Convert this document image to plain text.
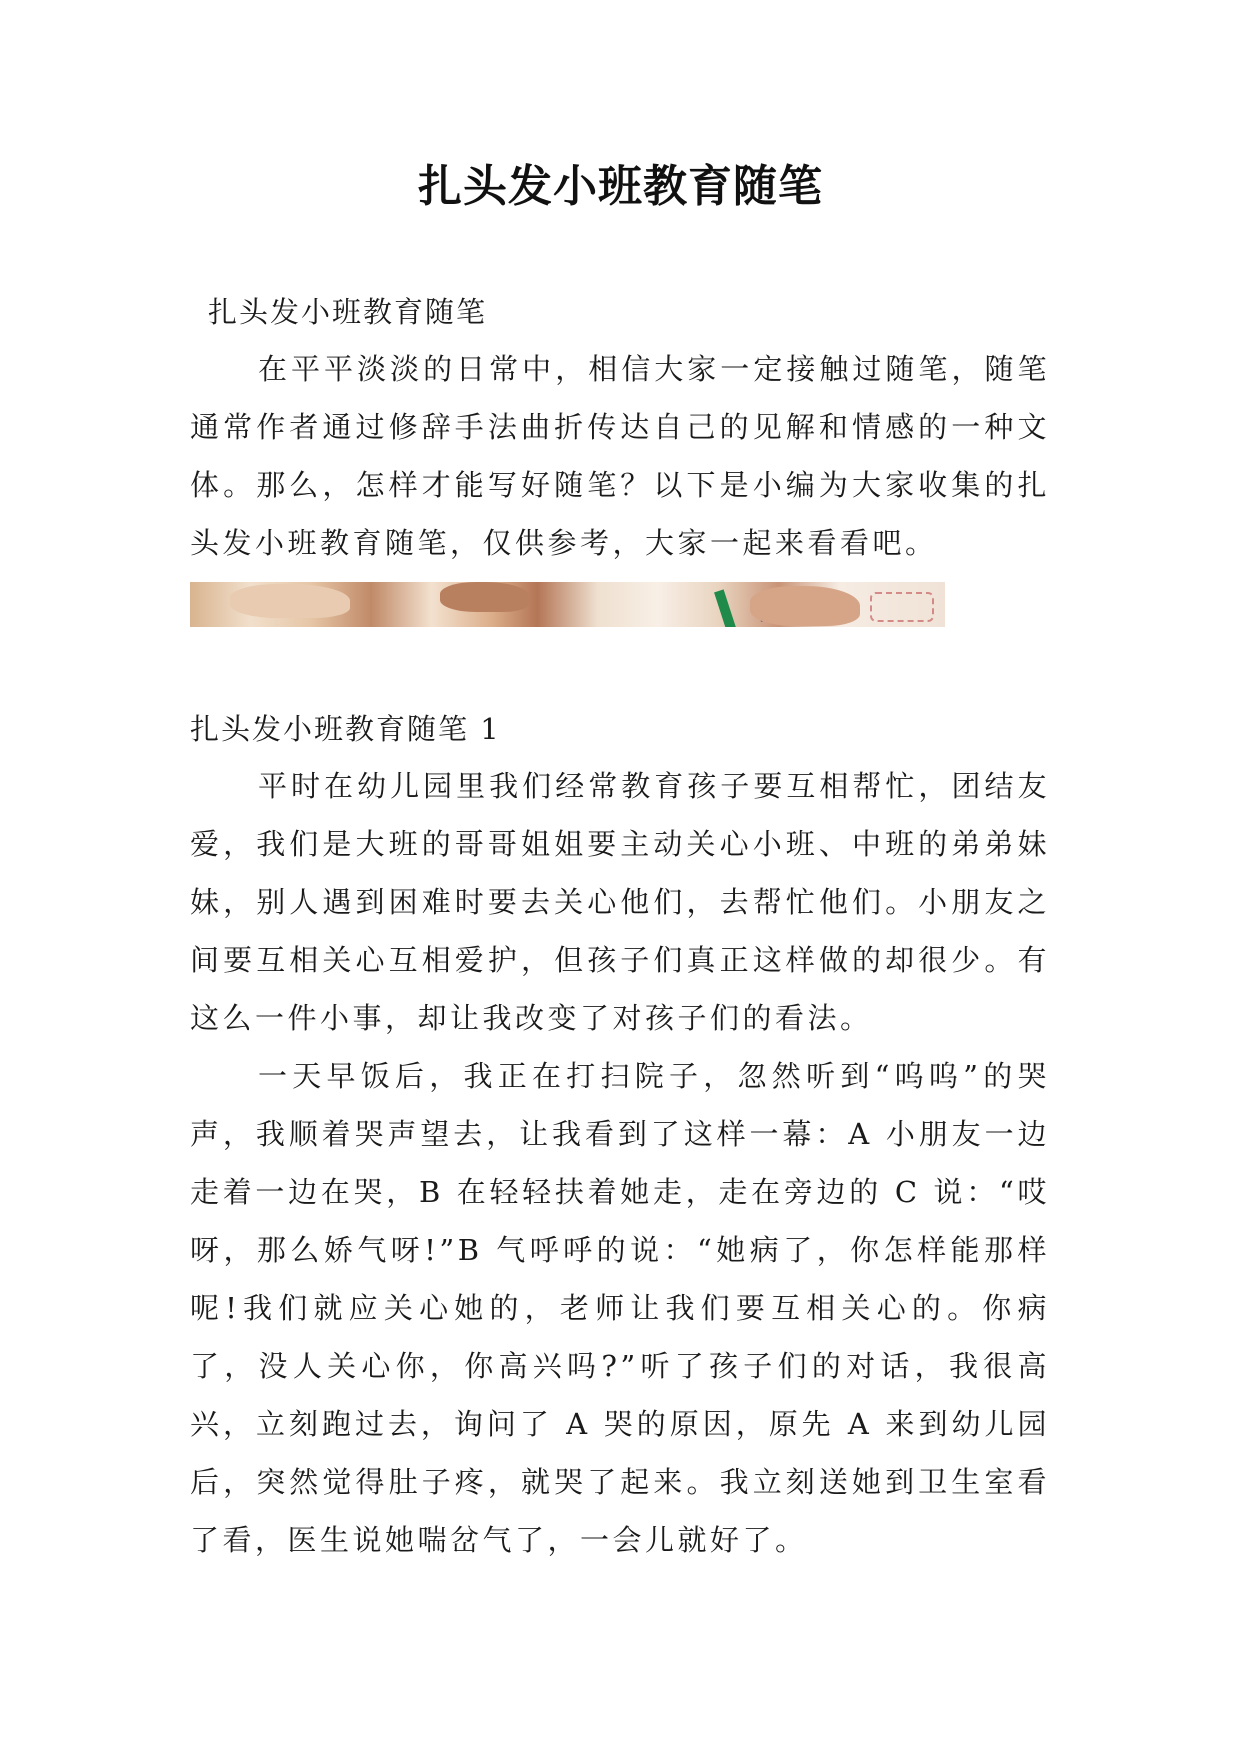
扎头发小班教育随笔

扎头发小班教育随笔

在平平淡淡的日常中，相信大家一定接触过随笔，随笔通常作者通过修辞手法曲折传达自己的见解和情感的一种文体。那么，怎样才能写好随笔？以下是小编为大家收集的扎头发小班教育随笔，仅供参考，大家一起来看看吧。

扎头发小班教育随笔 1

平时在幼儿园里我们经常教育孩子要互相帮忙，团结友爱，我们是大班的哥哥姐姐要主动关心小班、中班的弟弟妹妹，别人遇到困难时要去关心他们，去帮忙他们。小朋友之间要互相关心互相爱护，但孩子们真正这样做的却很少。有这么一件小事，却让我改变了对孩子们的看法。

一天早饭后，我正在打扫院子，忽然听到“呜呜”的哭声，我顺着哭声望去，让我看到了这样一幕：A 小朋友一边走着一边在哭，B 在轻轻扶着她走，走在旁边的 C 说：“哎呀，那么娇气呀!”B 气呼呼的说：“她病了，你怎样能那样呢!我们就应关心她的，老师让我们要互相关心的。你病了，没人关心你，你高兴吗?”听了孩子们的对话，我很高兴，立刻跑过去，询问了 A 哭的原因，原先 A 来到幼儿园后，突然觉得肚子疼，就哭了起来。我立刻送她到卫生室看了看，医生说她喘岔气了，一会儿就好了。
